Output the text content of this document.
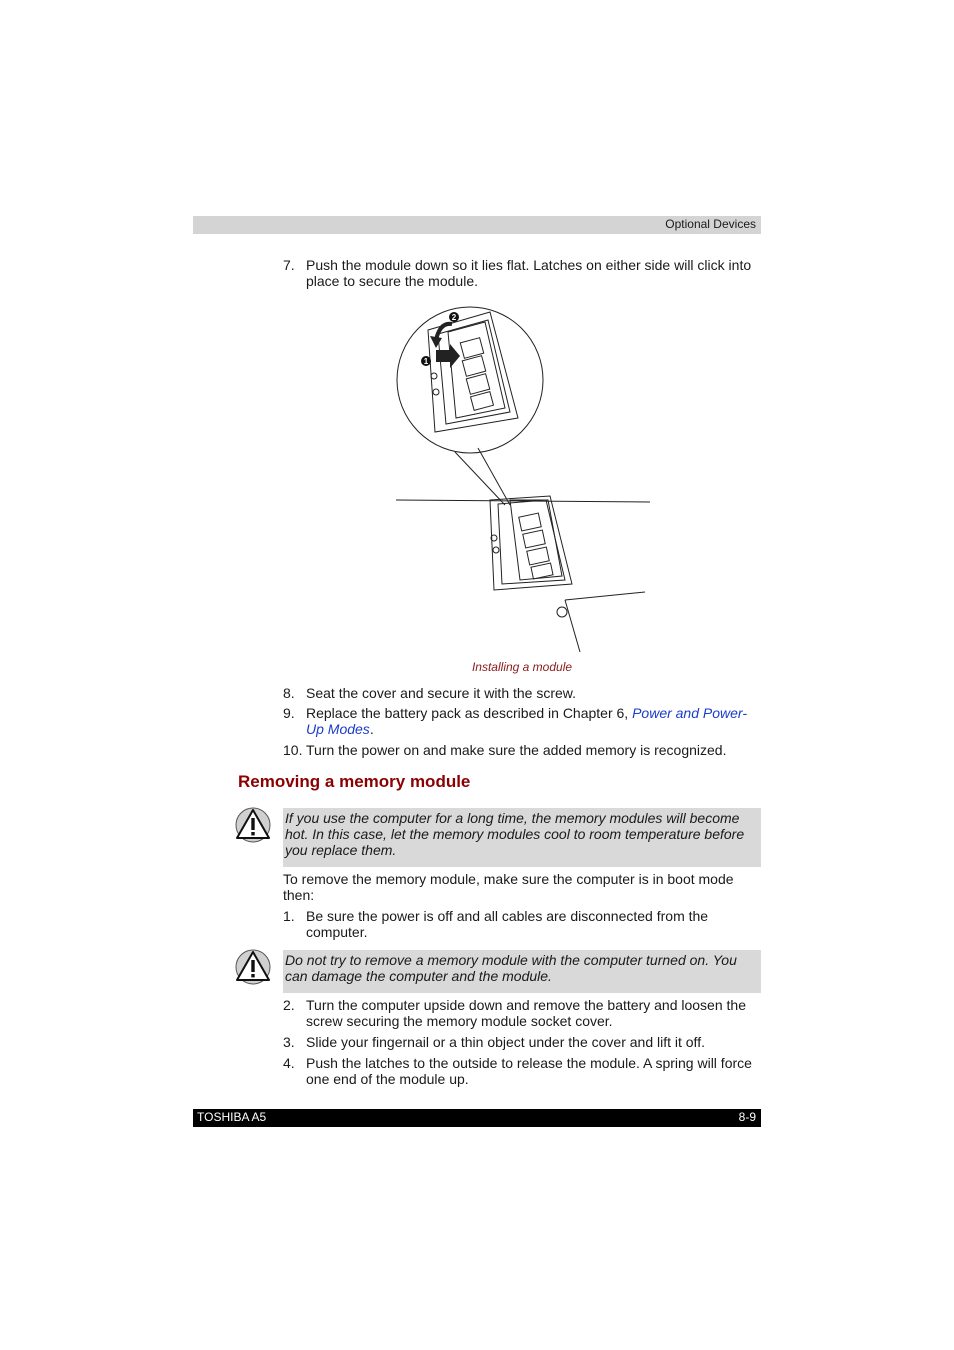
Optional Devices
7. Push the module down so it lies flat. Latches on either side will click into
place to secure the module.
1
2
Installing a module
8. Seat the cover and secure it with the screw.
9. Replace the battery pack as described in Chapter 6, Power and Power-
Up Modes.
10. Turn the power on and make sure the added memory is recognized.
Removing a memory module
If you use the computer for a long time, the memory modules will become
hot. In this case, let the memory modules cool to room temperature before
you replace them.
To remove the memory module, make sure the computer is in boot mode
then:
1. Be sure the power is off and all cables are disconnected from the
computer.
Do not try to remove a memory module with the computer turned on. You
can damage the computer and the module.
2. Turn the computer upside down and remove the battery and loosen the
screw securing the memory module socket cover.
3. Slide your fingernail or a thin object under the cover and lift it off.
4. Push the latches to the outside to release the module. A spring will force
one end of the module up.
TOSHIBA A5	8-9
